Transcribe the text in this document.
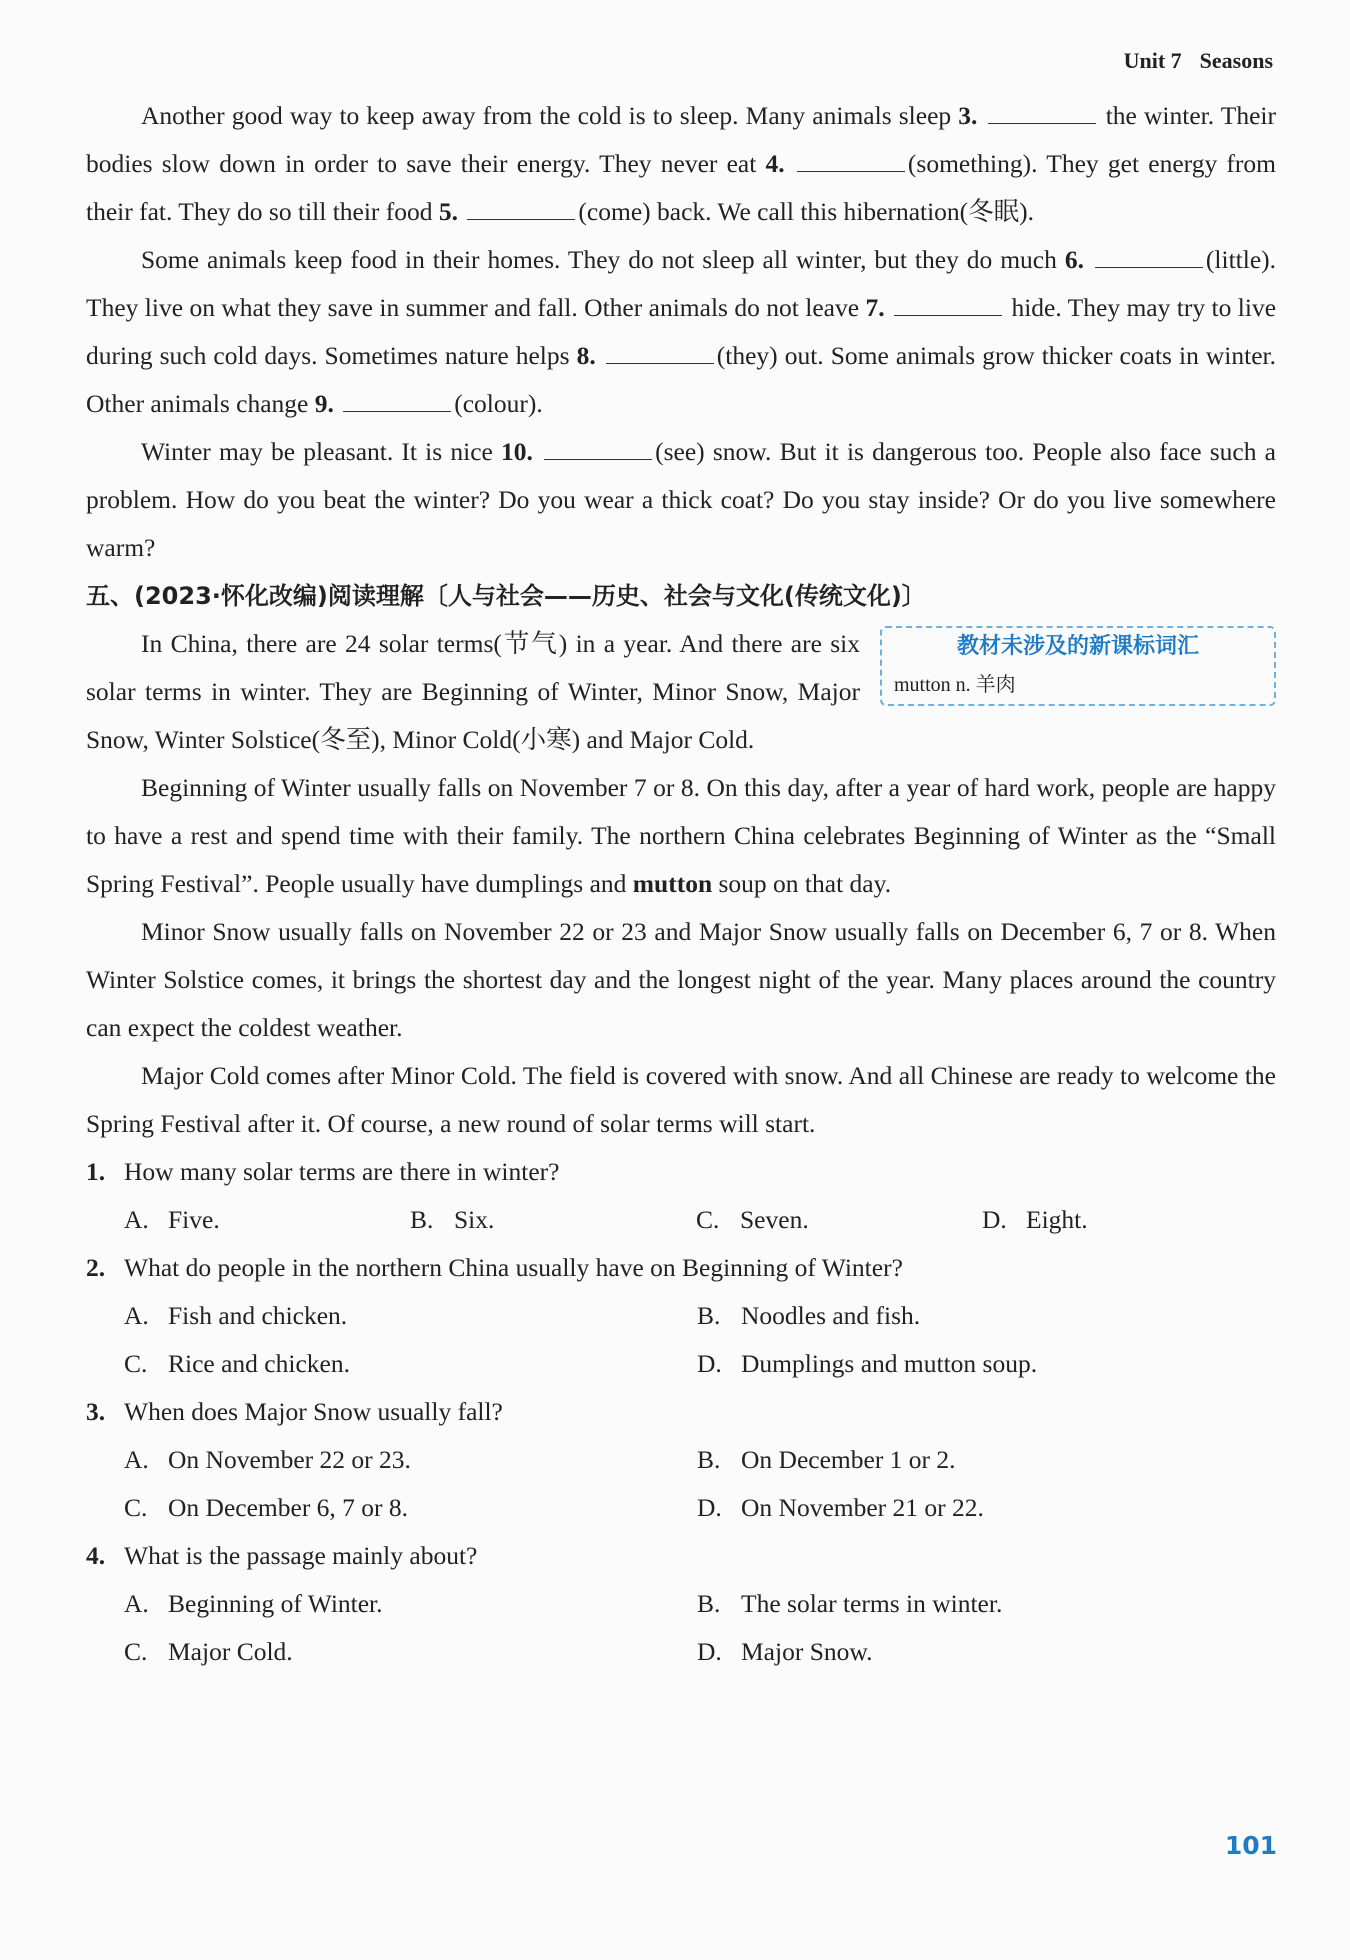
Unit 7 Seasons

Another good way to keep away from the cold is to sleep. Many animals sleep 3.	the winter. Their bodies slow down in order to save their energy. They never eat 4.	(something). They get energy from their fat. They do so till their food 5.	(come) back. We call this hibernation(冬眠).

Some animals keep food in their homes. They do not sleep all winter, but they do much 6.	(little). They live on what they save in summer and fall. Other animals do not leave 7.	hide. They may try to live during such cold days. Sometimes nature helps 8.	(they) out. Some animals grow thicker coats in winter. Other animals change 9.	(colour).

Winter may be pleasant. It is nice 10.	(see) snow. But it is dangerous too. People also face such a problem. How do you beat the winter? Do you wear a thick coat? Do you stay inside? Or do you live somewhere warm?

五、(2023·怀化改编)阅读理解〔人与社会——历史、社会与文化(传统文化)〕

教材未涉及的新课标词汇
mutton n. 羊肉

In China, there are 24 solar terms(节气) in a year. And there are six solar terms in winter. They are Beginning of Winter, Minor Snow, Major Snow, Winter Solstice(冬至), Minor Cold(小寒) and Major Cold.

Beginning of Winter usually falls on November 7 or 8. On this day, after a year of hard work, people are happy to have a rest and spend time with their family. The northern China celebrates Beginning of Winter as the “Small Spring Festival”. People usually have dumplings and mutton soup on that day.

Minor Snow usually falls on November 22 or 23 and Major Snow usually falls on December 6, 7 or 8. When Winter Solstice comes, it brings the shortest day and the longest night of the year. Many places around the country can expect the coldest weather.

Major Cold comes after Minor Cold. The field is covered with snow. And all Chinese are ready to welcome the Spring Festival after it. Of course, a new round of solar terms will start.

1. How many solar terms are there in winter?

A. Five.	B. Six.	C. Seven.	D. Eight.

2. What do people in the northern China usually have on Beginning of Winter?

A. Fish and chicken.	B. Noodles and fish.
C. Rice and chicken.	D. Dumplings and mutton soup.

3. When does Major Snow usually fall?

A. On November 22 or 23.	B. On December 1 or 2.
C. On December 6, 7 or 8.	D. On November 21 or 22.

4. What is the passage mainly about?

A. Beginning of Winter.	B. The solar terms in winter.
C. Major Cold.	D. Major Snow.
101
